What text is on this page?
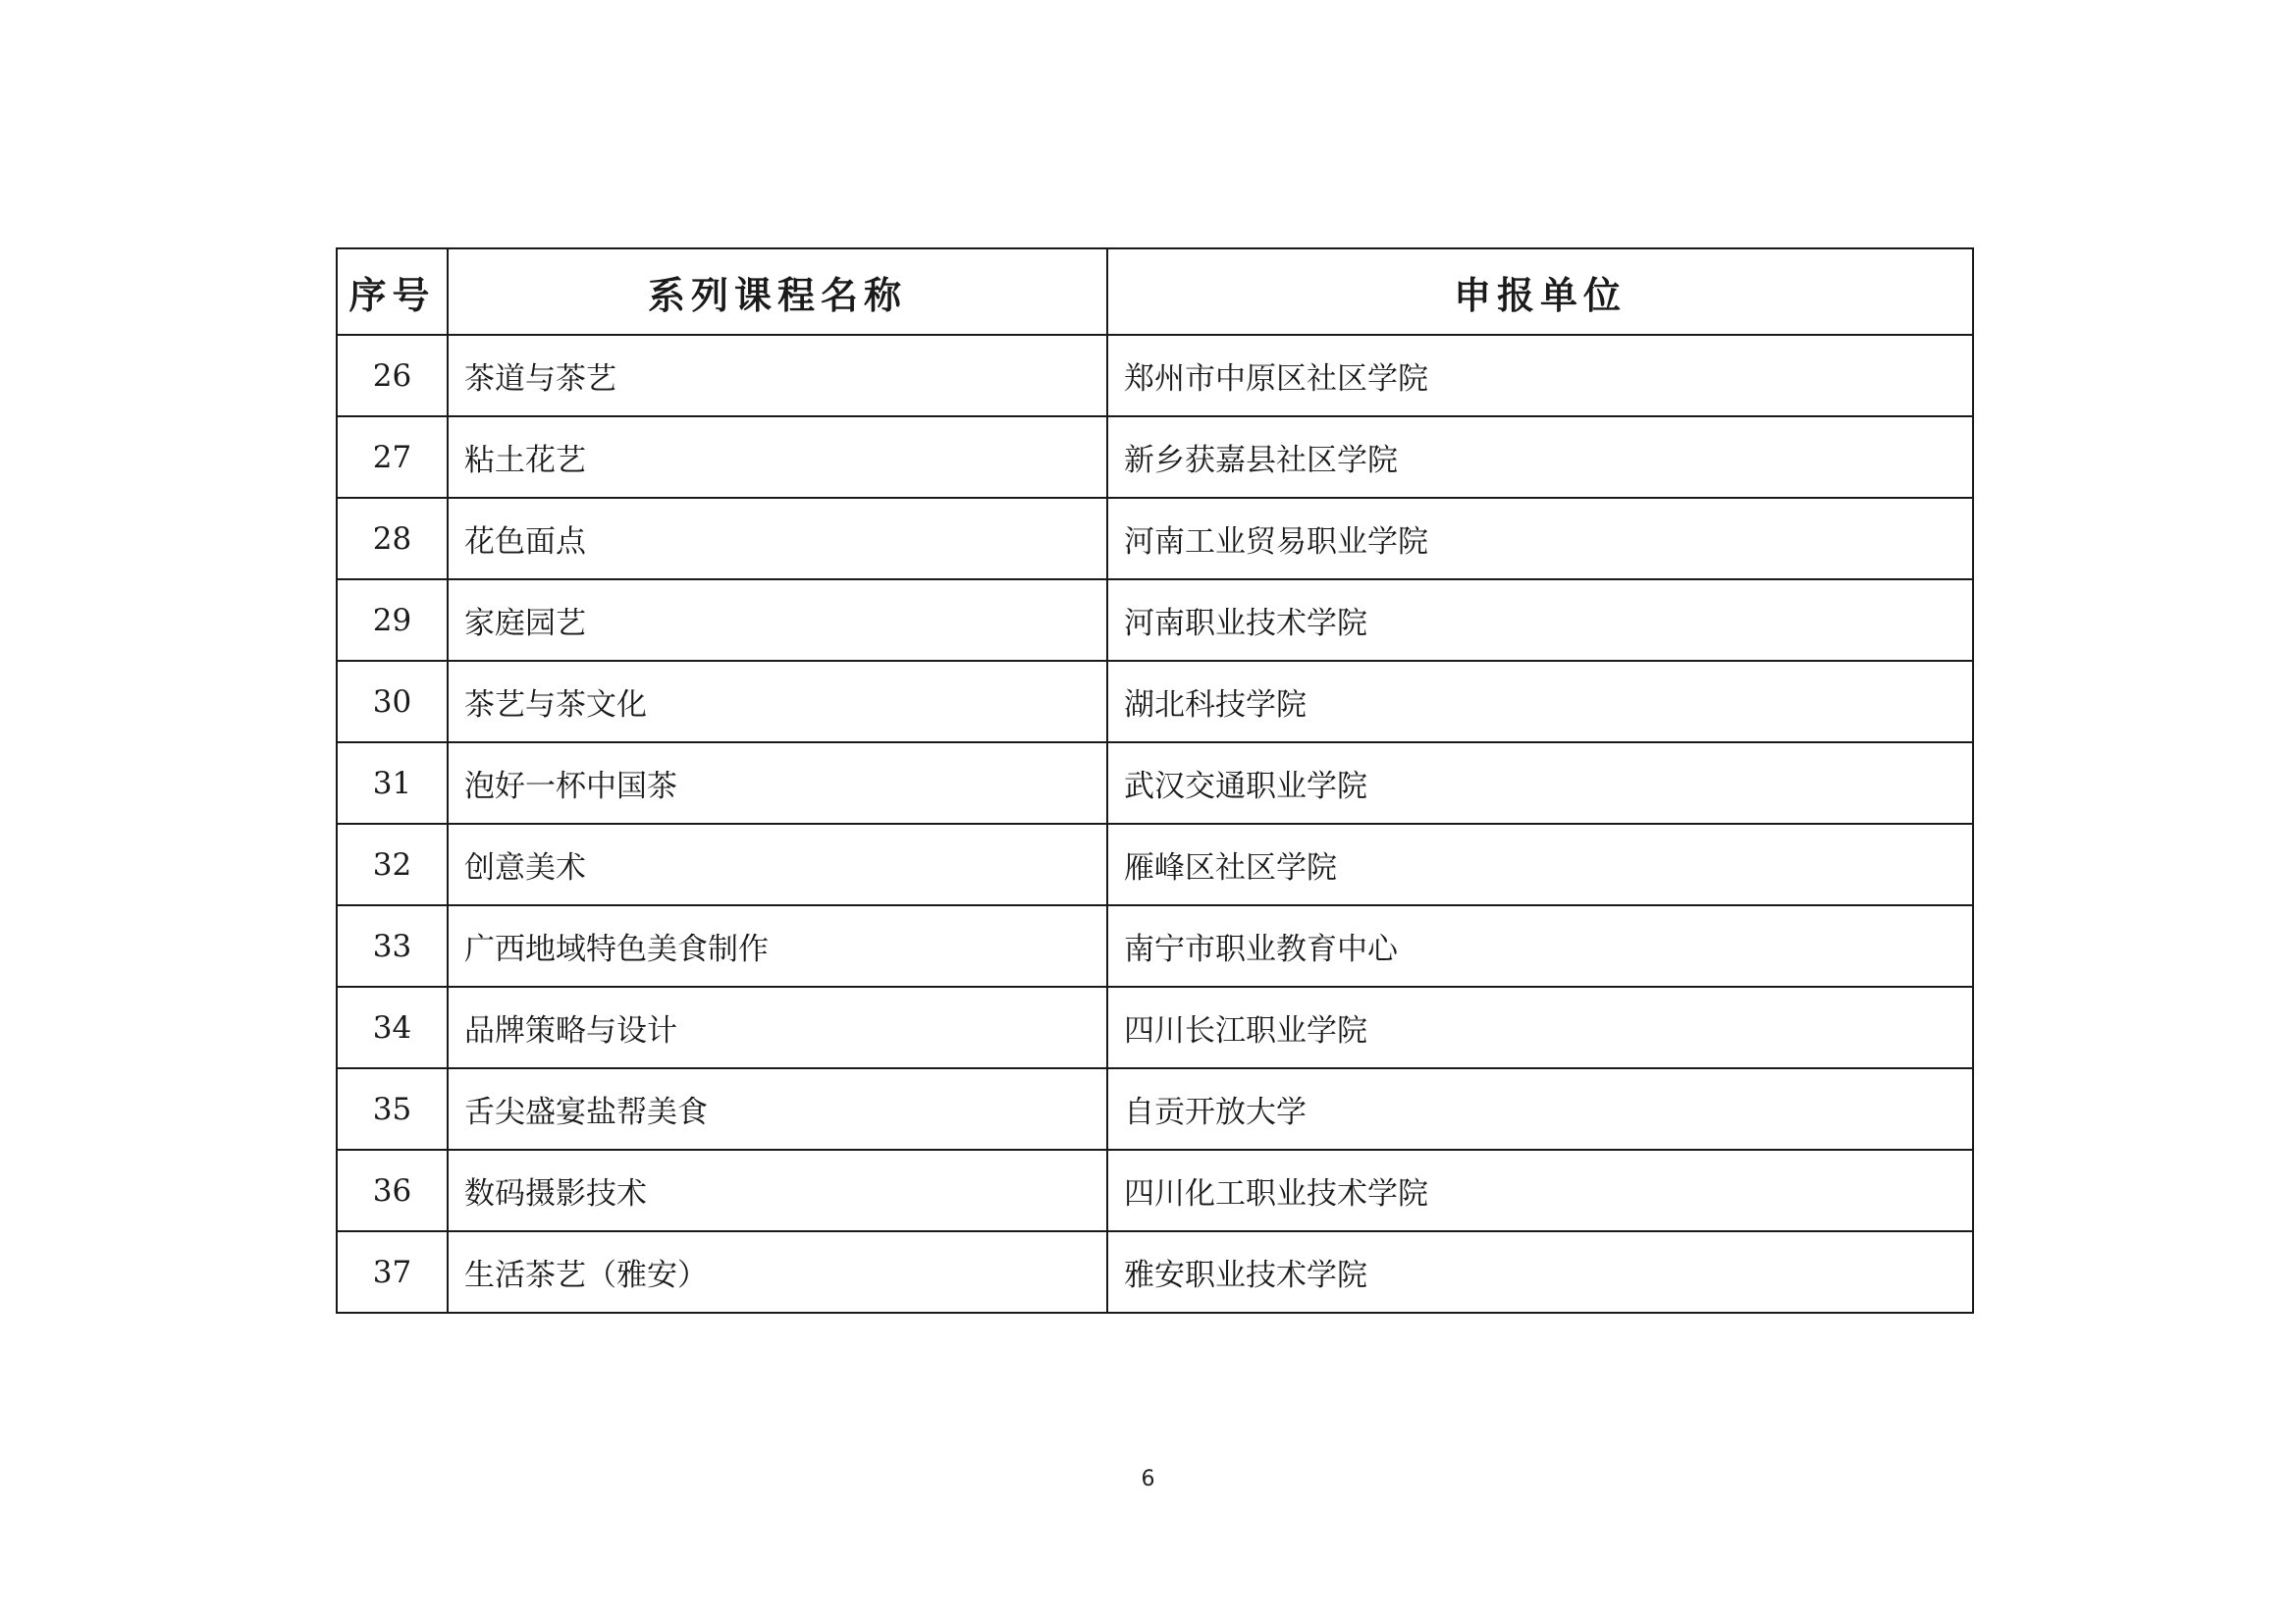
序号	系列课程名称	申报单位
26	茶道与茶艺	郑州市中原区社区学院
27	粘土花艺	新乡获嘉县社区学院
28	花色面点	河南工业贸易职业学院
29	家庭园艺	河南职业技术学院
30	茶艺与茶文化	湖北科技学院
31	泡好一杯中国茶	武汉交通职业学院
32	创意美术	雁峰区社区学院
33	广西地域特色美食制作	南宁市职业教育中心
34	品牌策略与设计	四川长江职业学院
35	舌尖盛宴盐帮美食	自贡开放大学
36	数码摄影技术	四川化工职业技术学院
37	生活茶艺（雅安）	雅安职业技术学院
6
